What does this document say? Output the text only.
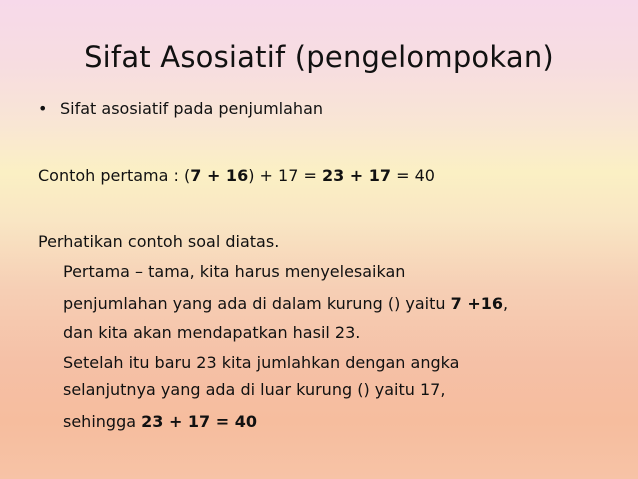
Sifat Asosiatif (pengelompokan)
• Sifat asosiatif pada penjumlahan
Contoh pertama : (7 + 16) + 17 = 23 + 17 = 40
Perhatikan contoh soal diatas.
Pertama – tama, kita harus menyelesaikan
penjumlahan yang ada di dalam kurung () yaitu 7 +16,
dan kita akan mendapatkan hasil 23.
Setelah itu baru 23 kita jumlahkan dengan angka
selanjutnya yang ada di luar kurung () yaitu 17,
sehingga 23 + 17 = 40
